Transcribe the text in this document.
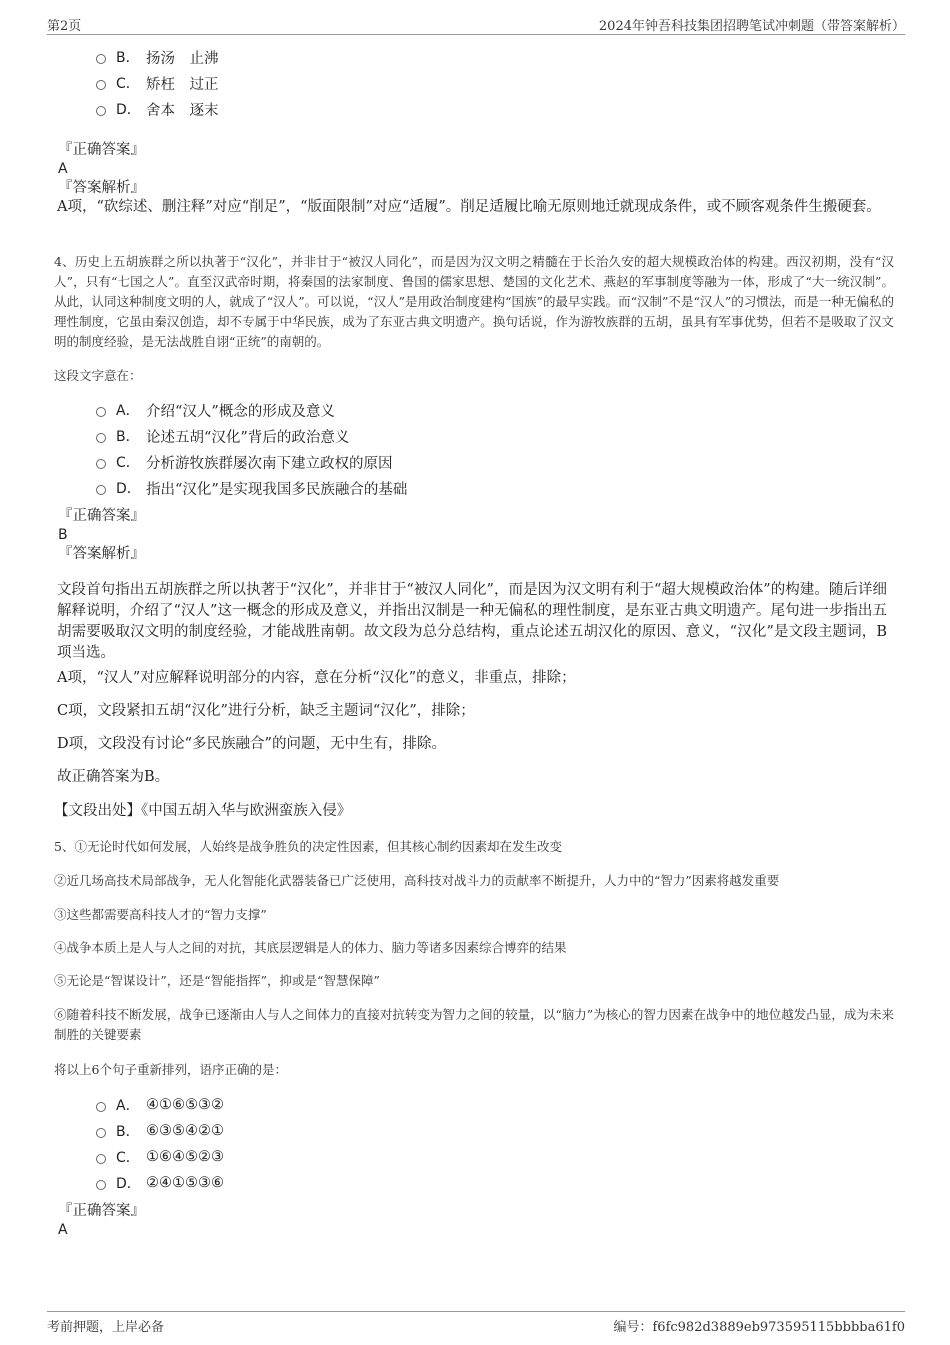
第2页	2024年钟吾科技集团招聘笔试冲刺题（带答案解析）
B． 扬汤　止沸
C． 矫枉　过正
D． 舍本　逐末
『正确答案』
A
『答案解析』
A项，“砍综述、删注释”对应“削足”，“版面限制”对应“适履”。削足适履比喻无原则地迁就现成条件，或不顾客观条件生搬硬套。
4、历史上五胡族群之所以执著于“汉化”，并非甘于“被汉人同化”，而是因为汉文明之精髓在于长治久安的超大规模政治体的构建。西汉初期，没有“汉人”，只有“七国之人”。直至汉武帝时期，将秦国的法家制度、鲁国的儒家思想、楚国的文化艺术、燕赵的军事制度等融为一体，形成了“大一统汉制”。从此，认同这种制度文明的人，就成了“汉人”。可以说，“汉人”是用政治制度建构“国族”的最早实践。而“汉制”不是“汉人”的习惯法，而是一种无偏私的理性制度，它虽由秦汉创造，却不专属于中华民族，成为了东亚古典文明遗产。换句话说，作为游牧族群的五胡，虽具有军事优势，但若不是吸取了汉文明的制度经验，是无法战胜自诩“正统”的南朝的。
这段文字意在：
A． 介绍“汉人”概念的形成及意义
B． 论述五胡“汉化”背后的政治意义
C． 分析游牧族群屡次南下建立政权的原因
D． 指出“汉化”是实现我国多民族融合的基础
『正确答案』
B
『答案解析』
文段首句指出五胡族群之所以执著于“汉化”，并非甘于“被汉人同化”，而是因为汉文明有利于“超大规模政治体”的构建。随后详细解释说明，介绍了“汉人”这一概念的形成及意义，并指出汉制是一种无偏私的理性制度，是东亚古典文明遗产。尾句进一步指出五胡需要吸取汉文明的制度经验，才能战胜南朝。故文段为总分总结构，重点论述五胡汉化的原因、意义，“汉化”是文段主题词，B项当选。
A项，“汉人”对应解释说明部分的内容，意在分析“汉化”的意义，非重点，排除；
C项，文段紧扣五胡“汉化”进行分析，缺乏主题词“汉化”，排除；
D项，文段没有讨论“多民族融合”的问题，无中生有，排除。
故正确答案为B。
【文段出处】《中国五胡入华与欧洲蛮族入侵》
5、①无论时代如何发展，人始终是战争胜负的决定性因素，但其核心制约因素却在发生改变
②近几场高技术局部战争，无人化智能化武器装备已广泛使用，高科技对战斗力的贡献率不断提升，人力中的“智力”因素将越发重要
③这些都需要高科技人才的“智力支撑”
④战争本质上是人与人之间的对抗，其底层逻辑是人的体力、脑力等诸多因素综合博弈的结果
⑤无论是“智谋设计”，还是“智能指挥”，抑或是“智慧保障”
⑥随着科技不断发展，战争已逐渐由人与人之间体力的直接对抗转变为智力之间的较量，以“脑力”为核心的智力因素在战争中的地位越发凸显，成为未来制胜的关键要素
将以上6个句子重新排列，语序正确的是：
A． ④①⑥⑤③②
B． ⑥③⑤④②①
C． ①⑥④⑤②③
D． ②④①⑤③⑥
『正确答案』
A
考前押题，上岸必备	编号：f6fc982d3889eb973595115bbbba61f0
